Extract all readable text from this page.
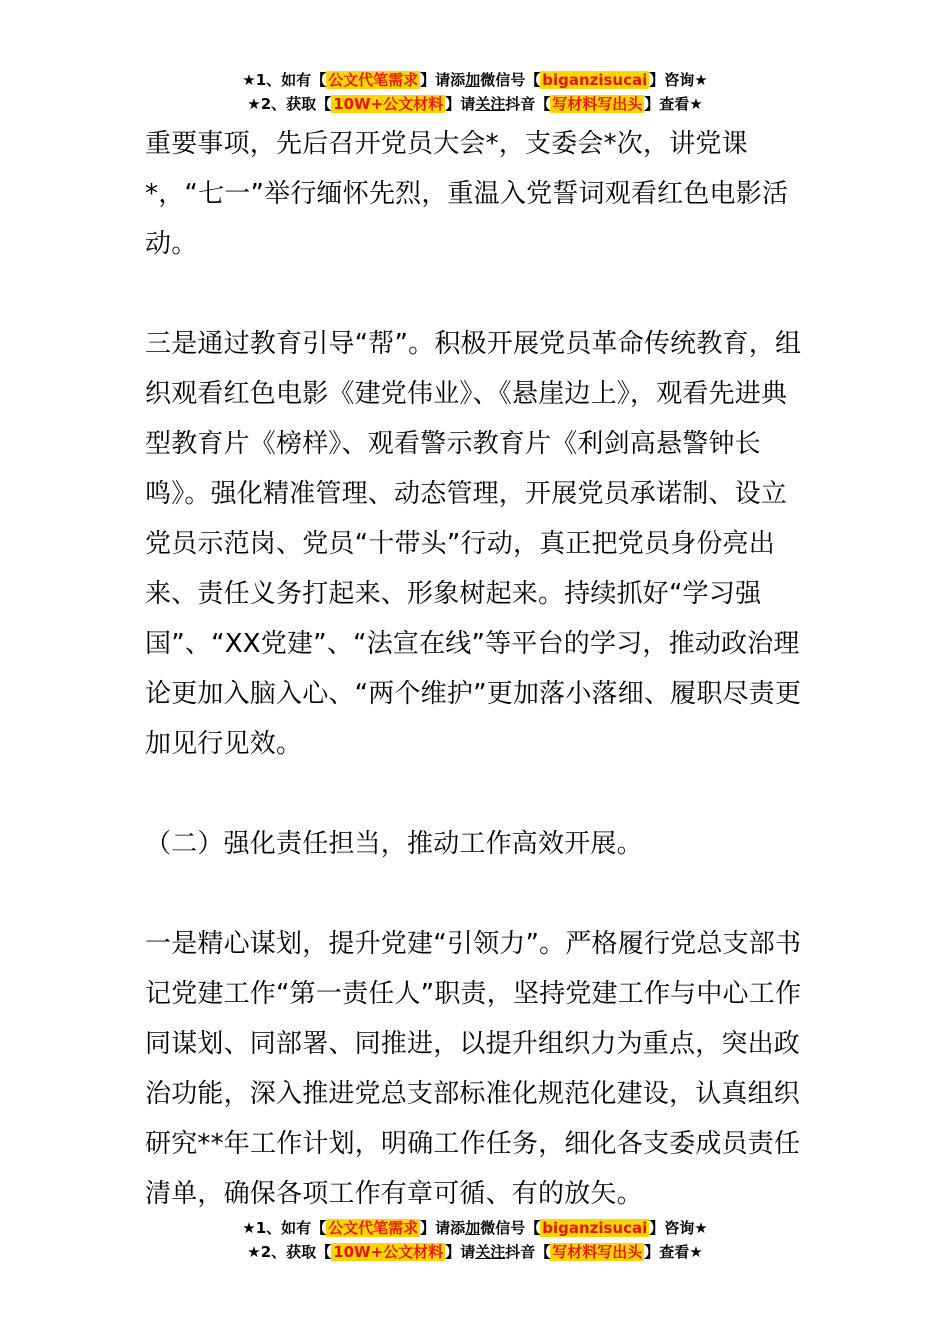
★1、如有【 公文代笔需求 】请添加微信号【 biganzisucai 】咨询★
★2、获取【 10W+公文材料 】请关注抖音【 写材料写出头 】查看★

重要事项，先后召开党员大会*，支委会*次，讲党课*，“七一”举行缅怀先烈，重温入党誓词观看红色电影活动。

三是通过教育引导“帮”。积极开展党员革命传统教育，组织观看红色电影《建党伟业》、《悬崖边上》，观看先进典型教育片《榜样》、观看警示教育片《利剑高悬警钟长鸣》。强化精准管理、动态管理，开展党员承诺制、设立党员示范岗、党员“十带头”行动，真正把党员身份亮出来、责任义务打起来、形象树起来。持续抓好“学习强国”、“XX党建”、“法宣在线”等平台的学习，推动政治理论更加入脑入心、“两个维护”更加落小落细、履职尽责更加见行见效。

（二）强化责任担当，推动工作高效开展。

一是精心谋划，提升党建“引领力”。严格履行党总支部书记党建工作“第一责任人”职责，坚持党建工作与中心工作同谋划、同部署、同推进，以提升组织力为重点，突出政治功能，深入推进党总支部标准化规范化建设，认真组织研究**年工作计划，明确工作任务，细化各支委成员责任清单，确保各项工作有章可循、有的放矢。

★1、如有【 公文代笔需求 】请添加微信号【 biganzisucai 】咨询★
★2、获取【 10W+公文材料 】请关注抖音【 写材料写出头 】查看★
